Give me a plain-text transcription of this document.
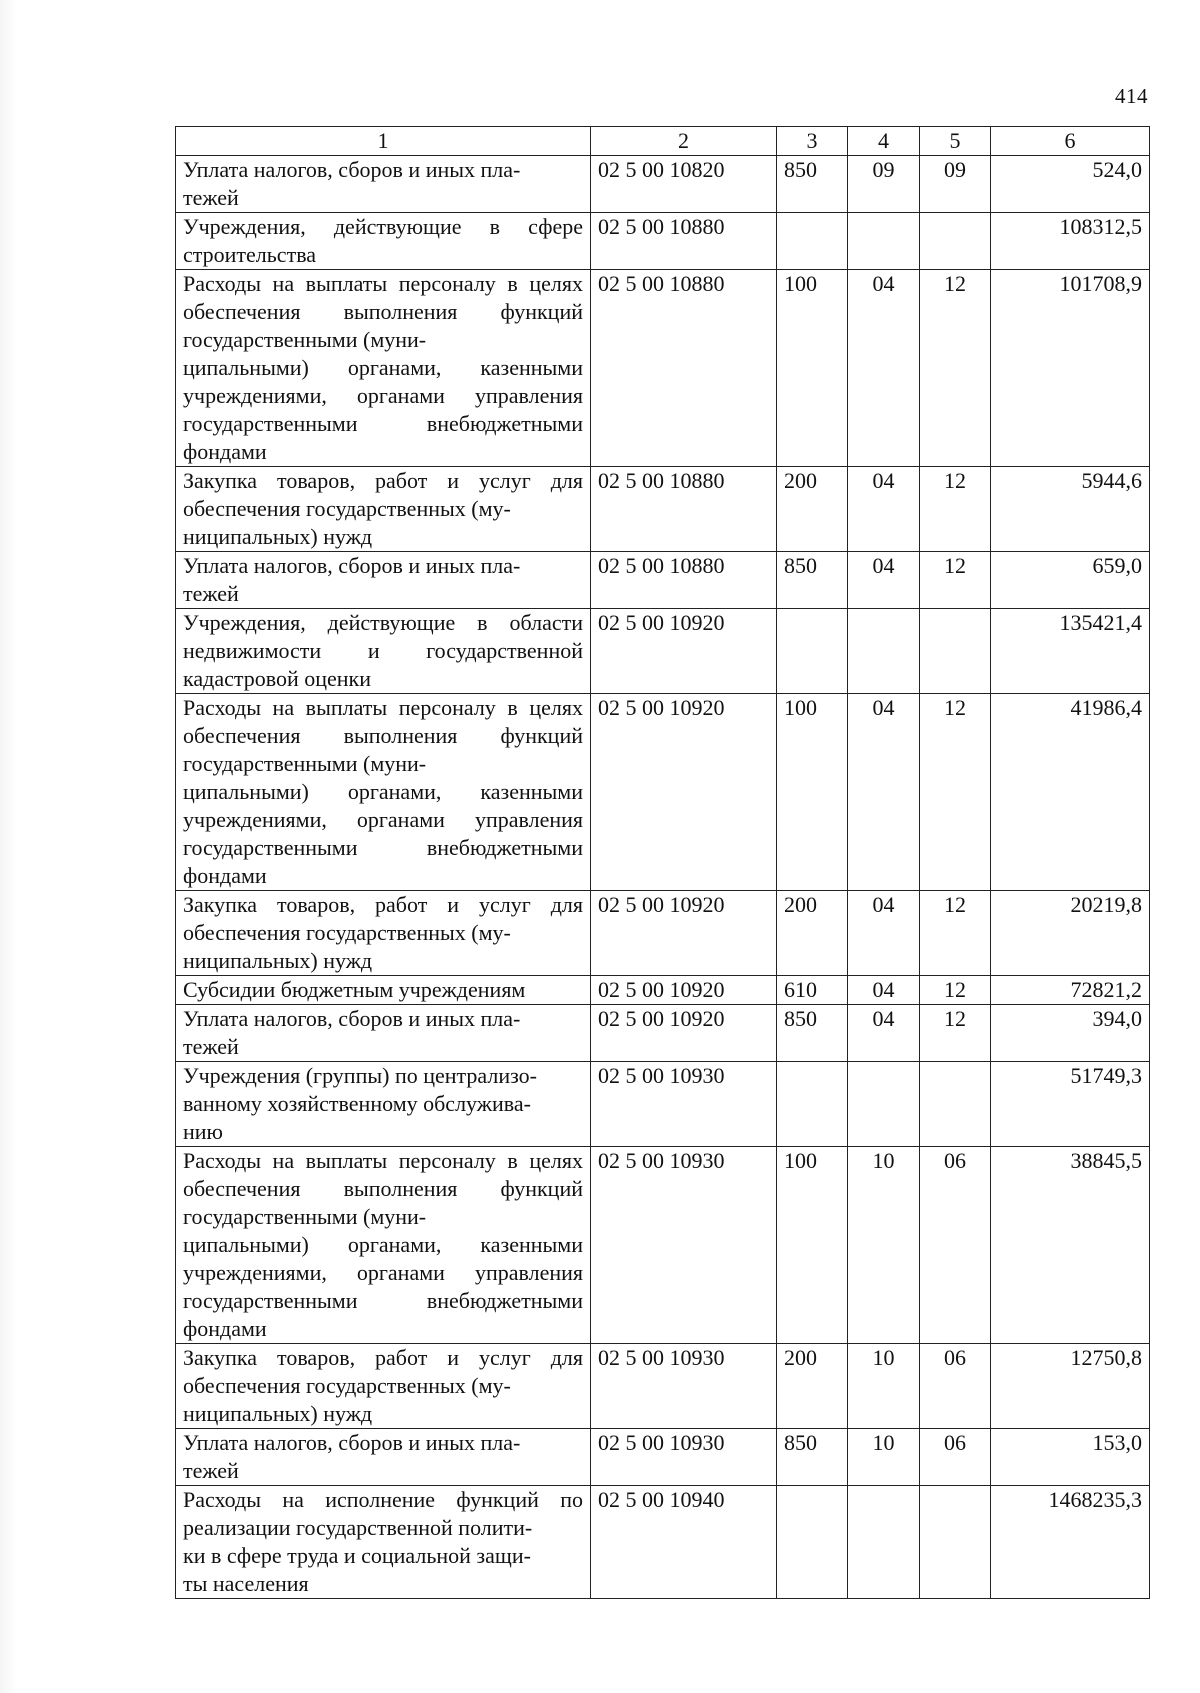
414
1	2	3	4	5	6
Уплата налогов, сборов и иных пла-
тежей	02 5 00 10820	850	09	09	524,0
Учреждения, действующие в сфере строительства	02 5 00 10880				108312,5
Расходы на выплаты персоналу в целях обеспечения выполнения функций государственными (муни-
ципальными) органами, казенными учреждениями, органами управления государственными внебюджетными фондами	02 5 00 10880	100	04	12	101708,9
Закупка товаров, работ и услуг для обеспечения государственных (му-
ниципальных) нужд	02 5 00 10880	200	04	12	5944,6
Уплата налогов, сборов и иных пла-
тежей	02 5 00 10880	850	04	12	659,0
Учреждения, действующие в области недвижимости и государственной кадастровой оценки	02 5 00 10920				135421,4
Расходы на выплаты персоналу в целях обеспечения выполнения функций государственными (муни-
ципальными) органами, казенными учреждениями, органами управления государственными внебюджетными фондами	02 5 00 10920	100	04	12	41986,4
Закупка товаров, работ и услуг для обеспечения государственных (му-
ниципальных) нужд	02 5 00 10920	200	04	12	20219,8
Субсидии бюджетным учреждениям	02 5 00 10920	610	04	12	72821,2
Уплата налогов, сборов и иных пла-
тежей	02 5 00 10920	850	04	12	394,0
Учреждения (группы) по централизо-
ванному хозяйственному обслужива-
нию	02 5 00 10930				51749,3
Расходы на выплаты персоналу в целях обеспечения выполнения функций государственными (муни-
ципальными) органами, казенными учреждениями, органами управления государственными внебюджетными фондами	02 5 00 10930	100	10	06	38845,5
Закупка товаров, работ и услуг для обеспечения государственных (му-
ниципальных) нужд	02 5 00 10930	200	10	06	12750,8
Уплата налогов, сборов и иных пла-
тежей	02 5 00 10930	850	10	06	153,0
Расходы на исполнение функций по реализации государственной полити-
ки в сфере труда и социальной защи-
ты населения	02 5 00 10940				1468235,3
